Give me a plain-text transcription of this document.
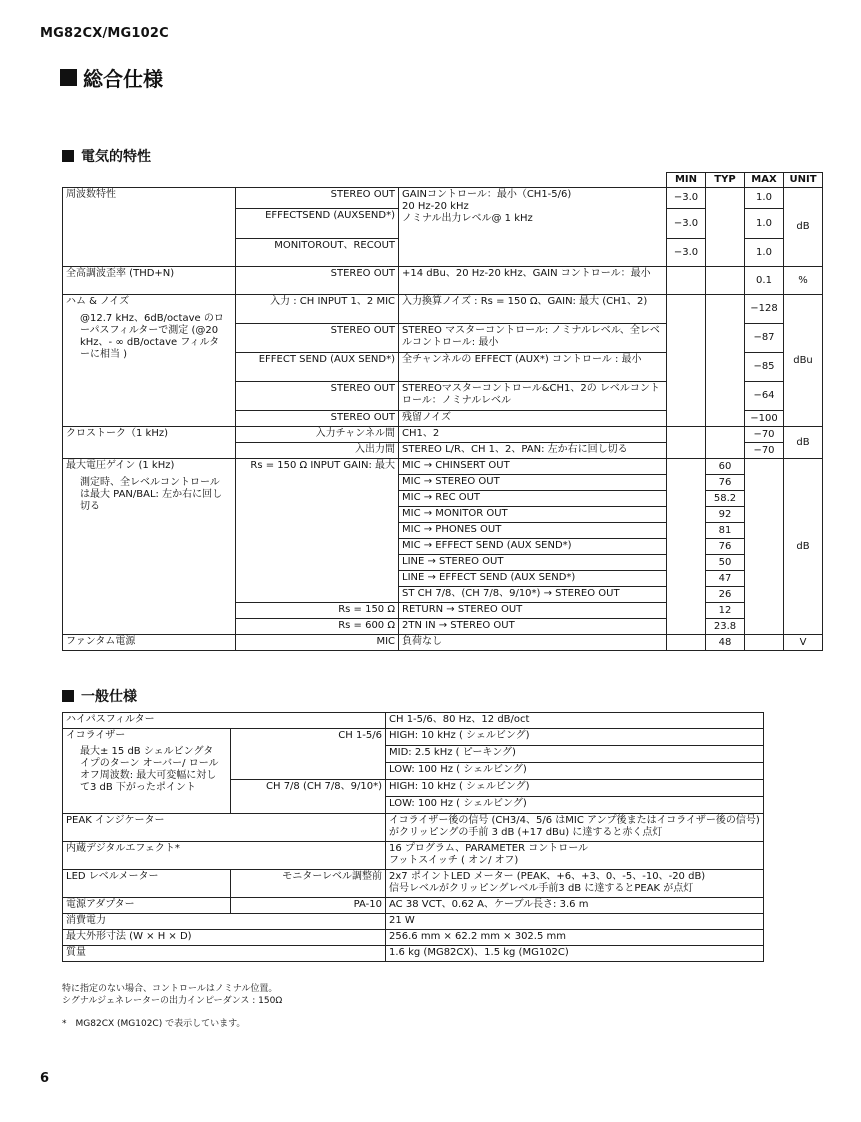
MG82CX/MG102C
総合仕様
電気的特性
			MIN	TYP	MAX	UNIT
周波数特性	STEREO OUT	GAINコントロール：最小（CH1-5/6)
20 Hz-20 kHz
ノミナル出力レベル@ 1 kHz	−3.0		1.0	dB
	EFFECTSEND (AUXSEND*)		−3.0		1.0	
	MONITOROUT、RECOUT		−3.0		1.0	
全高調波歪率 (THD+N)	STEREO OUT	+14 dBu、20 Hz-20 kHz、GAIN コントロール：最小			0.1	%

ハム & ノイズ
@12.7 kHz、6dB/octave のローパスフィルターで測定 (@20 kHz、- ∞ dB/octave フィルターに相当 )	入力 : CH INPUT 1、2 MIC	入力換算ノイズ : Rs = 150 Ω、GAIN: 最大 (CH1、2)			−128	dBu
	STEREO OUT	STEREO マスターコントロール: ノミナルレベル、全レベルコントロール: 最小			−87	
	EFFECT SEND (AUX SEND*)	全チャンネルの EFFECT (AUX*) コントロール : 最小			−85	
	STEREO OUT	STEREOマスターコントロール&CH1、2の レベルコントロール：ノミナルレベル			−64	
	STEREO OUT	残留ノイズ			−100	
クロストーク（1 kHz)	入力チャンネル間	CH1、2			−70	dB
	入出力間	STEREO L/R、CH 1、2、PAN: 左か右に回し切る			−70	

最大電圧ゲイン (1 kHz)
測定時、全レベルコントロールは最大 PAN/BAL: 左か右に回し切る	Rs = 150 Ω INPUT GAIN: 最大	MIC → CHINSERT OUT		60		dB
		MIC → STEREO OUT		76		
		MIC → REC OUT		58.2		
		MIC → MONITOR OUT		92		
		MIC → PHONES OUT		81		
		MIC → EFFECT SEND (AUX SEND*)		76		
		LINE → STEREO OUT		50		
		LINE → EFFECT SEND (AUX SEND*)		47		
		ST CH 7/8、(CH 7/8、9/10*) → STEREO OUT		26		
	Rs = 150 Ω	RETURN → STEREO OUT		12		
	Rs = 600 Ω	2TN IN → STEREO OUT		23.8		
ファンタム電源	MIC	負荷なし		48		V
一般仕様
ハイパスフィルター		CH 1-5/6、80 Hz、12 dB/oct

イコライザー
最大± 15 dB シェルビングタイプのターン オーバー/ ロールオフ周波数: 最大可変幅に対して3 dB 下がったポイント	CH 1-5/6	HIGH: 10 kHz ( シェルビング)
		MID: 2.5 kHz ( ピーキング)
		LOW: 100 Hz ( シェルビング)
	CH 7/8 (CH 7/8、9/10*)	HIGH: 10 kHz ( シェルビング)
		LOW: 100 Hz ( シェルビング)
PEAK インジケーター		イコライザー後の信号 (CH3/4、5/6 はMIC アンプ後またはイコライザー後の信号) がクリッピングの手前 3 dB (+17 dBu) に達すると赤く点灯
内蔵デジタルエフェクト*		16 プログラム、PARAMETER コントロール
フットスイッチ ( オン/ オフ)

LED レベルメーター	モニターレベル調整前	2x7 ポイントLED メーター (PEAK、+6、+3、0、-5、-10、-20 dB)
信号レベルがクリッピングレベル手前3 dB に達するとPEAK が点灯

電源アダプター	PA-10	AC 38 VCT、0.62 A、ケーブル長さ: 3.6 m
消費電力		21 W
最大外形寸法 (W × H × D)		256.6 mm × 62.2 mm × 302.5 mm
質量		1.6 kg (MG82CX)、1.5 kg (MG102C)
特に指定のない場合、コントロールはノミナル位置。
シグナルジェネレーターの出力インピーダンス : 150Ω
*　MG82CX (MG102C) で表示しています。
6
